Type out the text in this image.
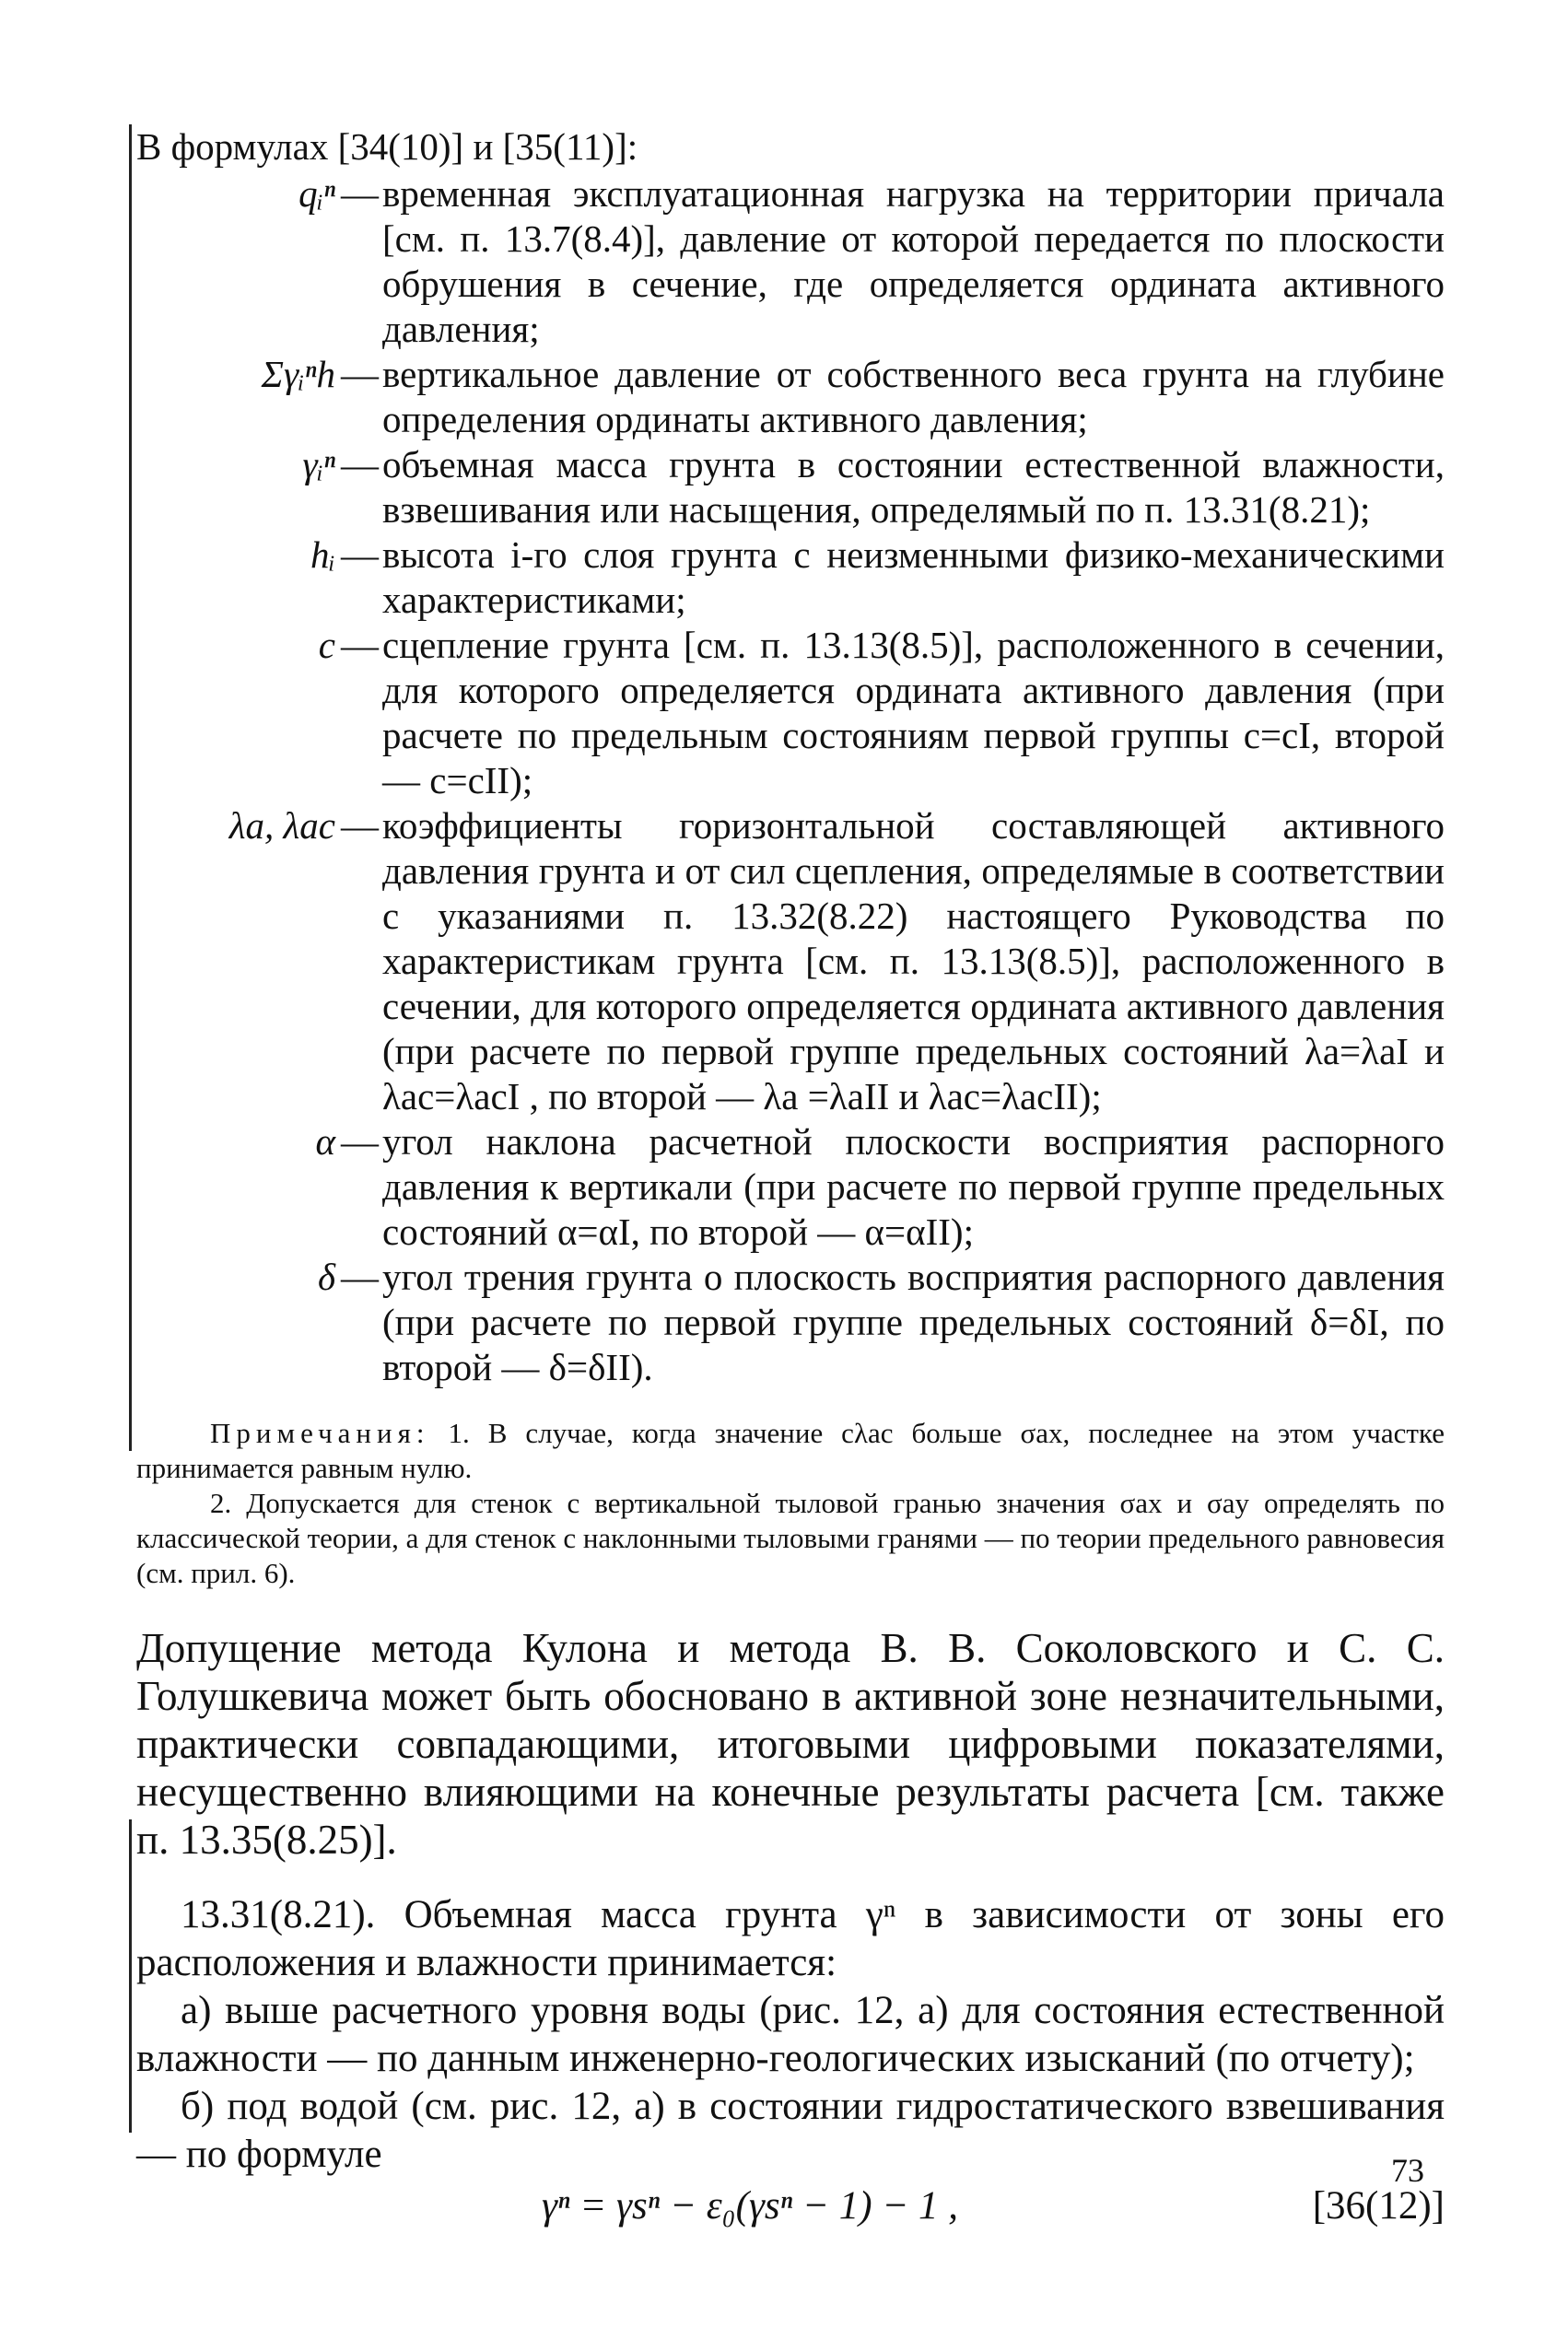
В формулах [34(10)] и [35(11)]:

qᵢⁿ — временная эксплуатационная нагрузка на территории причала [см. п. 13.7(8.4)], давление от которой передается по плоскости обрушения в сечение, где определяется ордината активного давления;
Σγᵢⁿh — вертикальное давление от собственного веса грунта на глубине определения ординаты активного давления;
γᵢⁿ — объемная масса грунта в состоянии естественной влажности, взвешивания или насыщения, определямый по п. 13.31(8.21);
hᵢ — высота i-го слоя грунта с неизменными физико-механическими характеристиками;
c — сцепление грунта [см. п. 13.13(8.5)], расположенного в сечении, для которого определяется ордината активного давления (при расчете по предельным состояниям первой группы c=cI, второй — c=cII);
λa, λac — коэффициенты горизонтальной составляющей активного давления грунта и от сил сцепления, определямые в соответствии с указаниями п. 13.32(8.22) настоящего Руководства по характеристикам грунта [см. п. 13.13(8.5)], расположенного в сечении, для которого определяется ордината активного давления (при расчете по первой группе предельных состояний λa=λaI и λac=λacI , по второй — λa =λaII и λac=λacII);
α — угол наклона расчетной плоскости восприятия распорного давления к вертикали (при расчете по первой группе предельных состояний α=αI, по второй — α=αII);
δ — угол трения грунта о плоскость восприятия распорного давления (при расчете по первой группе предельных состояний δ=δI, по второй — δ=δII).

Примечания: 1. В случае, когда значение cλac больше σax, последнее на этом участке принимается равным нулю.

2. Допускается для стенок с вертикальной тыловой гранью значения σax и σay определять по классической теории, а для стенок с наклонными тыловыми гранями — по теории предельного равновесия (см. прил. 6).

Допущение метода Кулона и метода В. В. Соколовского и С. С. Голушкевича может быть обосновано в активной зоне незначительными, практически совпадающими, итоговыми цифровыми показателями, несущественно влияющими на конечные результаты расчета [см. также п. 13.35(8.25)].

13.31(8.21). Объемная масса грунта γⁿ в зависимости от зоны его расположения и влажности принимается:

а) выше расчетного уровня воды (рис. 12, а) для состояния естественной влажности — по данным инженерно-геологических изысканий (по отчету);

б) под водой (см. рис. 12, а) в состоянии гидростатического взвешивания — по формуле

γⁿ = γsⁿ − ε₀(γsⁿ − 1) − 1 ,	[36(12)]
73
